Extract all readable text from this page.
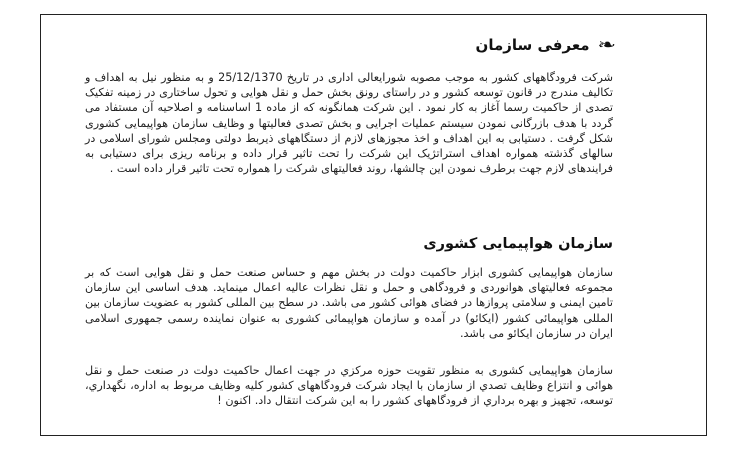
❧
معرفی سازمان

شرکت فرودگاههای کشور به موجب مصوبه شورایعالی اداری در تاریخ 25/12/1370 و به منظور نیل به اهداف و تکالیف مندرج در قانون توسعه کشور و در راستای رونق بخش حمل و نقل هوایی و تحول ساختاری در زمینه تفکیک تصدی از حاکمیت رسما آغاز به کار نمود . این شرکت همانگونه که از ماده 1 اساسنامه و اصلاحیه آن مستفاد می گردد با هدف بازرگانی نمودن سیستم عملیات اجرایی و بخش تصدی فعالیتها و وظایف سازمان هواپیمایی کشوری شکل گرفت . دستیابی به این اهداف و اخذ مجوزهای لازم از دستگاههای ذیربط دولتی ومجلس شورای اسلامی در سالهای گذشته همواره اهداف استراتژیک این شرکت را تحت تاثیر قرار داده و برنامه ریزی برای دستیابی به فرایندهای لازم جهت برطرف نمودن این چالشها، روند فعالیتهای شرکت را همواره تحت تاثیر قرار داده است .

سازمان هواپیمایی کشوری

سازمان هواپیمایی کشوری ابزار حاکمیت دولت در بخش مهم و حساس صنعت حمل و نقل هوایی است که بر مجموعه فعالیتهای هوانوردی و فرودگاهی و حمل و نقل نظرات عالیه اعمال مینماید. هدف اساسی این سازمان تامین ایمنی و سلامتی پروازها در فضای هوائی کشور می باشد. در سطح بین المللی کشور به عضویت سازمان بین المللی هواپیمائی کشور (ایکائو) در آمده و سازمان هواپیمائی کشوری به عنوان نماینده رسمی جمهوری اسلامی ایران در سازمان ایکائو می باشد.

سازمان هواپیمایی کشوری به منظور تقویت حوزه مرکزي در جهت اعمال حاکمیت دولت در صنعت حمل و نقل هوائی و انتزاع وظایف تصدي از سازمان با ایجاد شرکت فرودگاههای کشور کلیه وظایف مربوط به اداره، نگهداري، توسعه، تجهیز و بهره برداري از فرودگاههای کشور را به این شرکت انتقال داد. اکنون !
